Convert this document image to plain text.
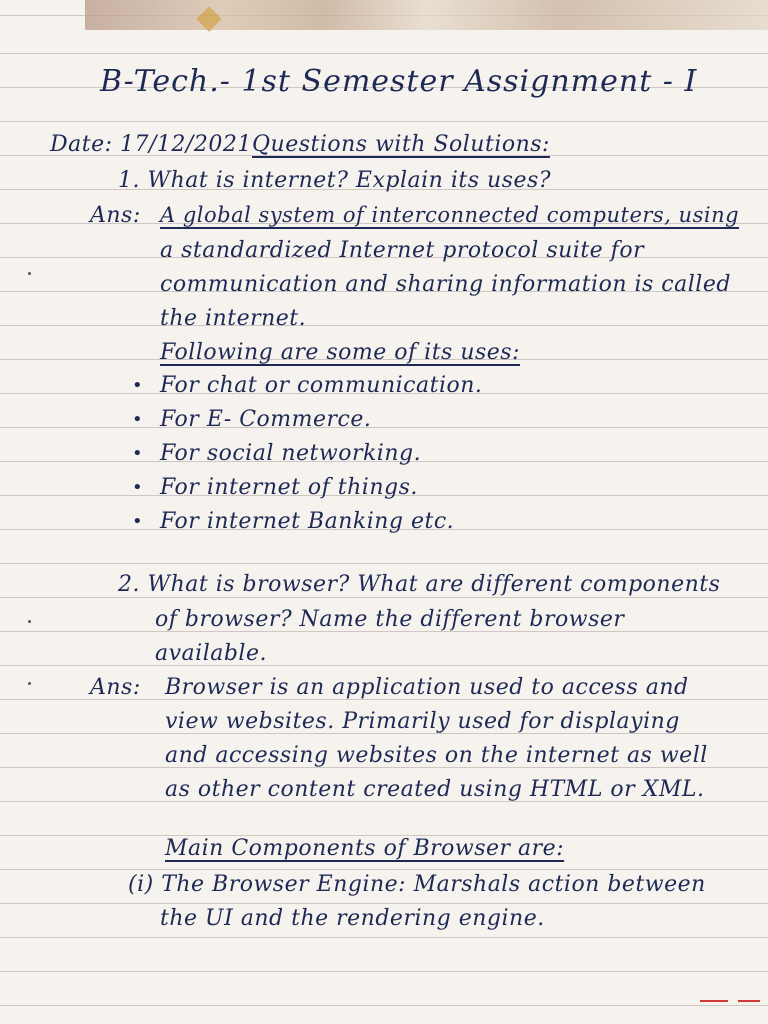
B-Tech.- 1st Semester Assignment - I
Date: 17/12/2021 Questions with Solutions:
1. What is internet? Explain its uses?
Ans: A global system of interconnected computers, using
a standardized Internet protocol suite for
communication and sharing information is called
the internet.
Following are some of its uses:
• For chat or communication.
• For E- Commerce.
• For social networking.
• For internet of things.
• For internet Banking etc.
2. What is browser? What are different components
of browser? Name the different browser
available.
Ans: Browser is an application used to access and
view websites. Primarily used for displaying
and accessing websites on the internet as well
as other content created using HTML or XML.
Main Components of Browser are:
(i) The Browser Engine: Marshals action between
the UI and the rendering engine.
